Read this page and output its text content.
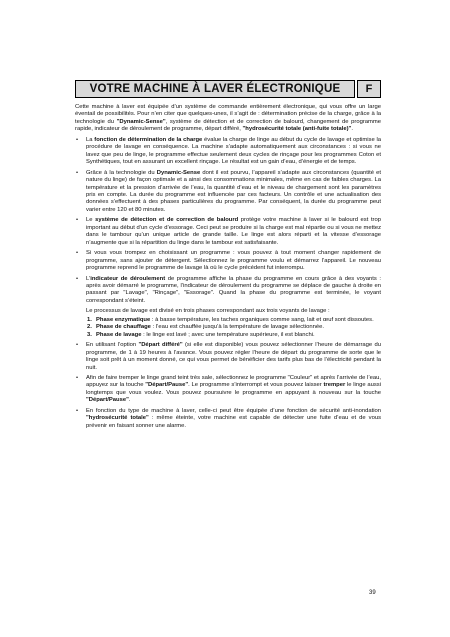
VOTRE MACHINE À LAVER ÉLECTRONIQUE	F

Cette machine à laver est équipée d’un système de commande entièrement électronique, qui vous offre un large éventail de possibilités. Pour n’en citer que quelques-unes, il s’agit de : détermination précise de la charge, grâce à la technologie du "Dynamic-Sense", système de détection et de correction de balourd, changement de programme rapide, indicateur de déroulement de programme, départ différé, "hydrosécurité totale (anti-fuite totale)".

• La fonction de détermination de la charge évalue la charge de linge au début du cycle de lavage et optimise la procédure de lavage en conséquence. La machine s’adapte automatiquement aux circonstances : si vous ne lavez que peu de linge, le programme effectue seulement deux cycles de rinçage pour les programmes Coton et Synthétiques, tout en assurant un excellent rinçage. Le résultat est un gain d’eau, d’énergie et de temps.
• Grâce à la technologie du Dynamic-Sense dont il est pourvu, l’appareil s’adapte aux circonstances (quantité et nature du linge) de façon optimale et a ainsi des consommations minimales, même en cas de faibles charges. La température et la pression d’arrivée de l’eau, la quantité d’eau et le niveau de chargement sont les paramètres pris en compte. La durée du programme est influencée par ces facteurs. Un contrôle et une actualisation des données s’effectuent à des phases particulières du programme. Par conséquent, la durée du programme peut varier entre 120 et 80 minutes.
• Le système de détection et de correction de balourd protège votre machine à laver si le balourd est trop important au début d’un cycle d’essorage. Ceci peut se produire si la charge est mal répartie ou si vous ne mettez dans le tambour qu’un unique article de grande taille. Le linge est alors réparti et la vitesse d’essorage n’augmente que si la répartition du linge dans le tambour est satisfaisante.
• Si vous vous trompez en choisissant un programme : vous pouvez à tout moment changer rapidement de programme, sans ajouter de détergent. Sélectionnez le programme voulu et démarrez l’appareil. Le nouveau programme reprend le programme de lavage là où le cycle précédent fut interrompu.
• L’indicateur de déroulement de programme affiche la phase du programme en cours grâce à des voyants : après avoir démarré le programme, l’indicateur de déroulement du programme se déplace de gauche à droite en passant par "Lavage", "Rinçage", "Essorage". Quand la phase du programme est terminée, le voyant correspondant s’éteint.

Le processus de lavage est divisé en trois phases correspondant aux trois voyants de lavage :

1. Phase enzymatique : à basse température, les taches organiques comme sang, lait et œuf sont dissoutes.
2. Phase de chauffage : l’eau est chauffée jusqu’à la température de lavage sélectionnée.
3. Phase de lavage : le linge est lavé ; avec une température supérieure, il est blanchi.
• En utilisant l’option "Départ différé" (si elle est disponible) vous pouvez sélectionner l’heure de démarrage du programme, de 1 à 19 heures à l’avance. Vous pouvez régler l’heure de départ du programme de sorte que le linge soit prêt à un moment donné, ce qui vous permet de bénéficier des tarifs plus bas de l’électricité pendant la nuit.
• Afin de faire tremper le linge grand teint très sale, sélectionnez le programme "Couleur" et après l’arrivée de l’eau, appuyez sur la touche "Départ/Pause". Le programme s’interrompt et vous pouvez laisser tremper le linge aussi longtemps que vous voulez. Vous pouvez poursuivre le programme en appuyant à nouveau sur la touche "Départ/Pause".
• En fonction du type de machine à laver, celle-ci peut être équipée d’une fonction de sécurité anti-inondation "hydrosécurité totale" : même éteinte, votre machine est capable de détecter une fuite d’eau et de vous prévenir en faisant sonner une alarme.
39
